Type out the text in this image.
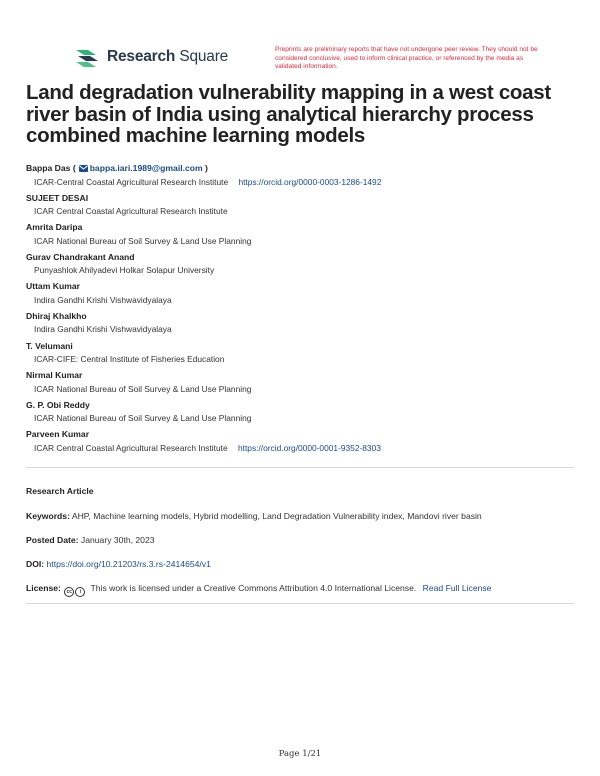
Research Square	Preprints are preliminary reports that have not undergone peer review. They should not be considered conclusive, used to inform clinical practice, or referenced by the media as validated information.
Land degradation vulnerability mapping in a west coast river basin of India using analytical hierarchy process combined machine learning models
Bappa Das ( bappa.iari.1989@gmail.com )
ICAR-Central Coastal Agricultural Research Institute https://orcid.org/0000-0003-1286-1492
SUJEET DESAI
ICAR Central Coastal Agricultural Research Institute
Amrita Daripa
ICAR National Bureau of Soil Survey & Land Use Planning
Gurav Chandrakant Anand
Punyashlok Ahilyadevi Holkar Solapur University
Uttam Kumar
Indira Gandhi Krishi Vishwavidyalaya
Dhiraj Khalkho
Indira Gandhi Krishi Vishwavidyalaya
T. Velumani
ICAR-CIFE: Central Institute of Fisheries Education
Nirmal Kumar
ICAR National Bureau of Soil Survey & Land Use Planning
G. P. Obi Reddy
ICAR National Bureau of Soil Survey & Land Use Planning
Parveen Kumar
ICAR Central Coastal Agricultural Research Institute https://orcid.org/0000-0001-9352-8303
Research Article
Keywords: AHP, Machine learning models, Hybrid modelling, Land Degradation Vulnerability index, Mandovi river basin
Posted Date: January 30th, 2023
DOI: https://doi.org/10.21203/rs.3.rs-2414654/v1
License:	cc	i	This work is licensed under a Creative Commons Attribution 4.0 International License. Read Full License
Page 1/21
